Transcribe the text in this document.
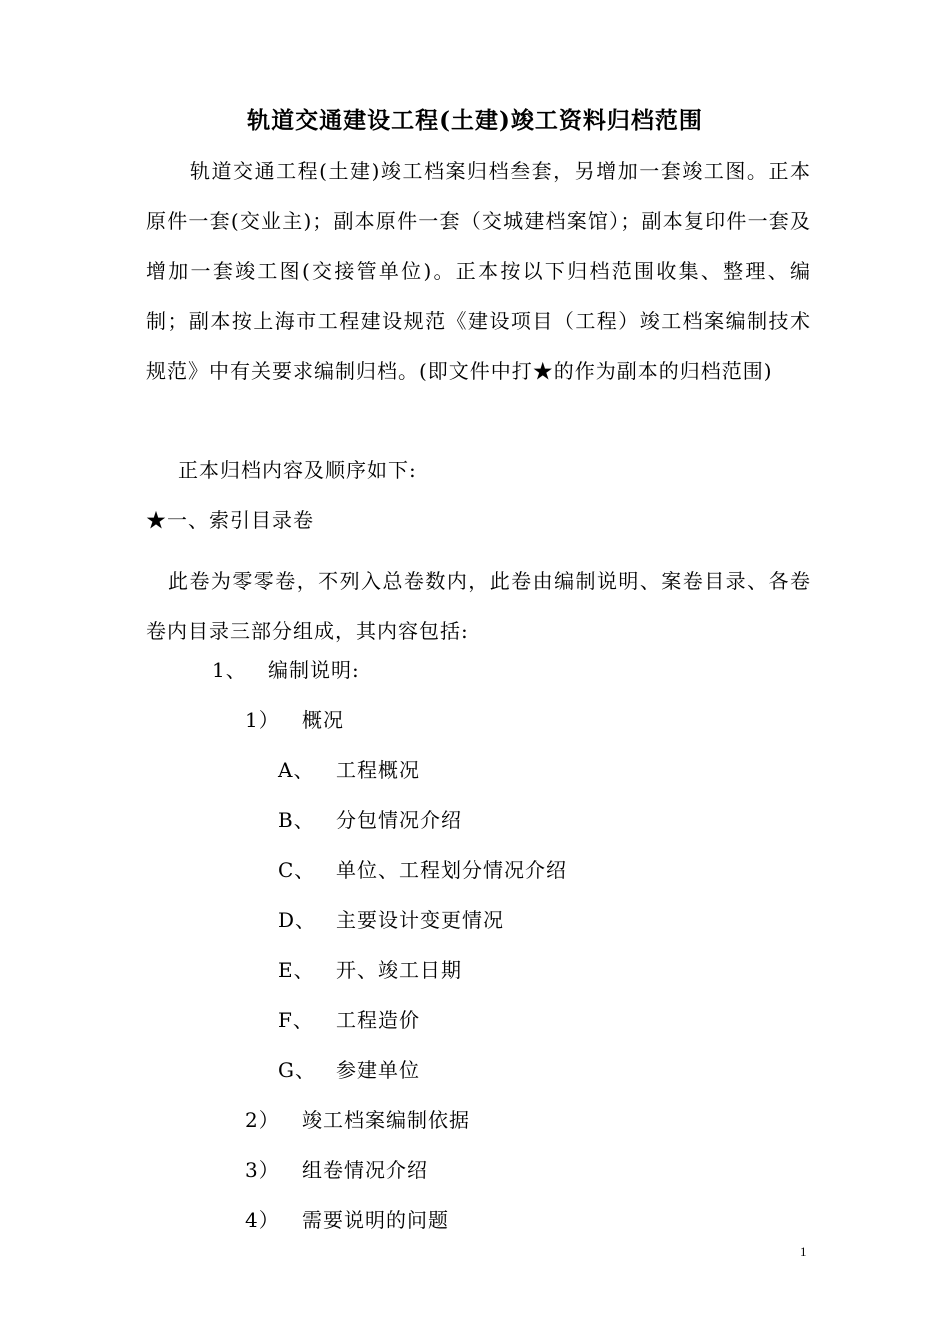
轨道交通建设工程(土建)竣工资料归档范围
轨道交通工程(土建)竣工档案归档叁套，另增加一套竣工图。正本原件一套(交业主)；副本原件一套（交城建档案馆）；副本复印件一套及增加一套竣工图(交接管单位)。正本按以下归档范围收集、整理、编制；副本按上海市工程建设规范《建设项目（工程）竣工档案编制技术规范》中有关要求编制归档。(即文件中打★的作为副本的归档范围)
正本归档内容及顺序如下:
★一、索引目录卷
此卷为零零卷，不列入总卷数内，此卷由编制说明、案卷目录、各卷卷内目录三部分组成，其内容包括:
1、 编制说明:
1） 概况
A、 工程概况
B、 分包情况介绍
C、 单位、工程划分情况介绍
D、 主要设计变更情况
E、 开、竣工日期
F、 工程造价
G、 参建单位
2） 竣工档案编制依据
3） 组卷情况介绍
4） 需要说明的问题
1
